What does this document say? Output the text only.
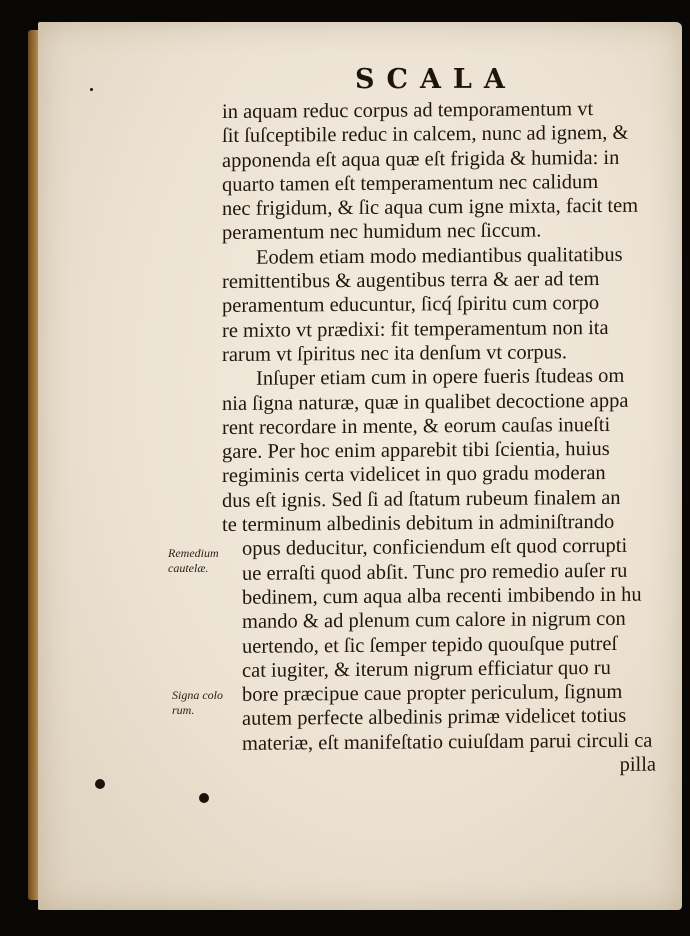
SCALA
in aquam reduc corpus ad temporamentum vt
ſit ſuſceptibile reduc in calcem, nunc ad ignem, &
apponenda eſt aqua quæ eſt frigida & humida: in
quarto tamen eſt temperamentum nec calidum
nec frigidum, & ſic aqua cum igne mixta, facit tem
peramentum nec humidum nec ſiccum.
Eodem etiam modo mediantibus qualitatibus
remittentibus & augentibus terra & aer ad tem
peramentum educuntur, ſicq́ ſpiritu cum corpo
re mixto vt prædixi: fit temperamentum non ita
rarum vt ſpiritus nec ita denſum vt corpus.
Inſuper etiam cum in opere fueris ſtudeas om
nia ſigna naturæ, quæ in qualibet decoctione appa
rent recordare in mente, & eorum cauſas inueſti
gare. Per hoc enim apparebit tibi ſcientia, huius
regiminis certa videlicet in quo gradu moderan
dus eſt ignis. Sed ſi ad ſtatum rubeum finalem an
te terminum albedinis debitum in adminiſtrando
opus deducitur, conficiendum eſt quod corrupti
ue erraſti quod abſit. Tunc pro remedio auſer ru
bedinem, cum aqua alba recenti imbibendo in hu
mando & ad plenum cum calore in nigrum con
uertendo, et ſic ſemper tepido quouſque putreſ
cat iugiter, & iterum nigrum efficiatur quo ru
bore præcipue caue propter periculum, ſignum
autem perfecte albedinis primæ videlicet totius
materiæ, eſt manifeſtatio cuiuſdam parui circuli ca
pilla
Remedium
cautelæ.
Signa colo
rum.
